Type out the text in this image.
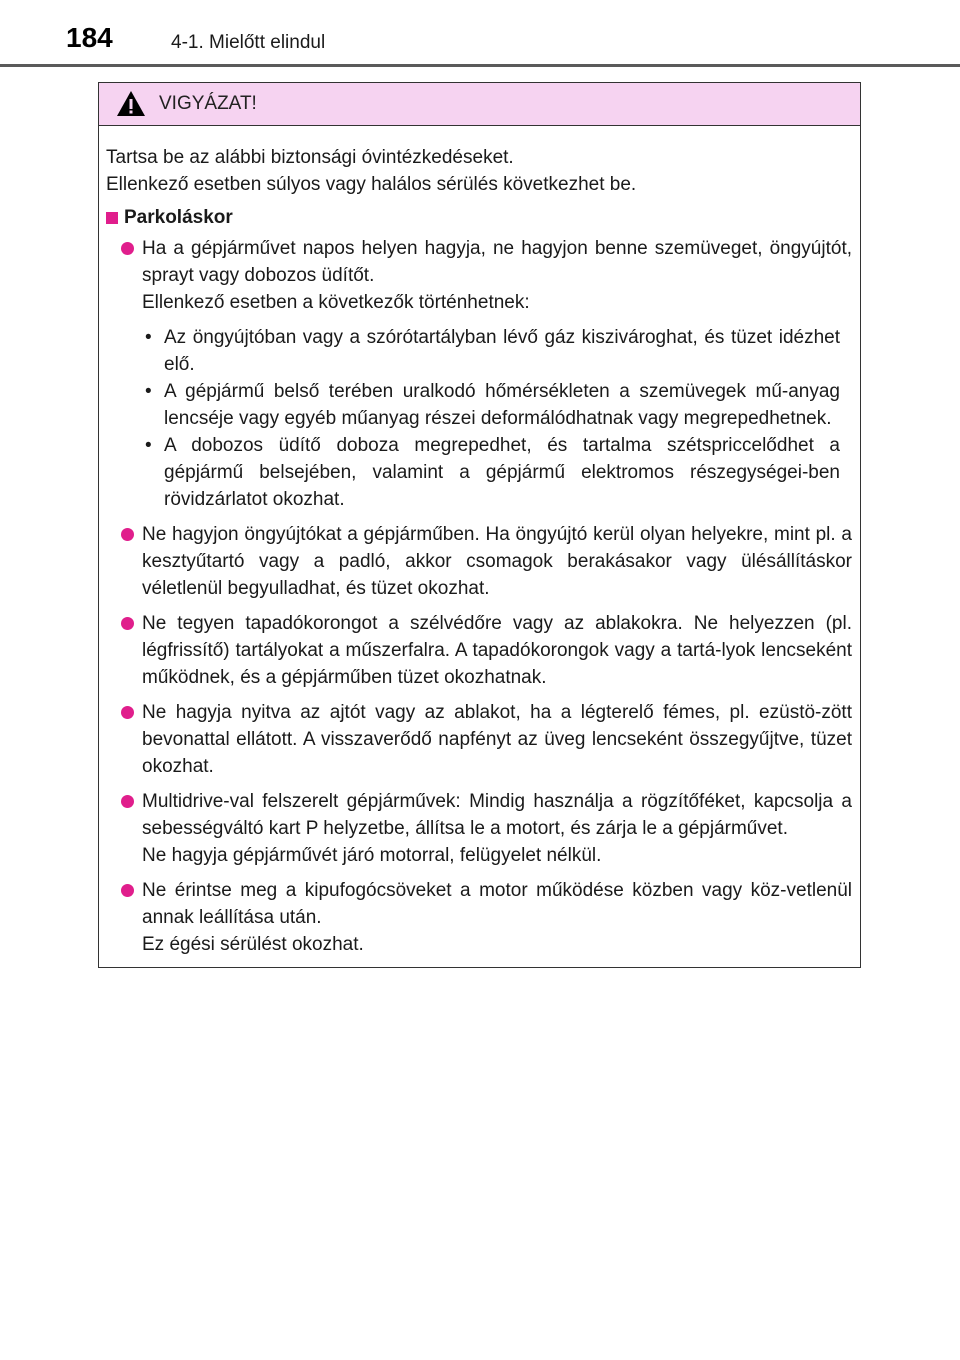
184	4-1. Mielőtt elindul
VIGYÁZAT!
Tartsa be az alábbi biztonsági óvintézkedéseket.
Ellenkező esetben súlyos vagy halálos sérülés következhet be.
Parkoláskor
Ha a gépjárművet napos helyen hagyja, ne hagyjon benne szemüveget, öngyújtót, sprayt vagy dobozos üdítőt.
Ellenkező esetben a következők történhetnek:
• Az öngyújtóban vagy a szórótartályban lévő gáz kiszivároghat, és tüzet idézhet elő.
• A gépjármű belső terében uralkodó hőmérsékleten a szemüvegek mű-anyag lencséje vagy egyéb műanyag részei deformálódhatnak vagy megrepedhetnek.
• A dobozos üdítő doboza megrepedhet, és tartalma szétspriccelődhet a gépjármű belsejében, valamint a gépjármű elektromos részegységei-ben rövidzárlatot okozhat.
Ne hagyjon öngyújtókat a gépjárműben. Ha öngyújtó kerül olyan helyekre, mint pl. a kesztyűtartó vagy a padló, akkor csomagok berakásakor vagy ülésállításkor véletlenül begyulladhat, és tüzet okozhat.
Ne tegyen tapadókorongot a szélvédőre vagy az ablakokra. Ne helyezzen (pl. légfrissítő) tartályokat a műszerfalra. A tapadókorongok vagy a tartá-lyok lencseként működnek, és a gépjárműben tüzet okozhatnak.
Ne hagyja nyitva az ajtót vagy az ablakot, ha a légterelő fémes, pl. ezüstö-zött bevonattal ellátott. A visszaverődő napfényt az üveg lencseként összegyűjtve, tüzet okozhat.
Multidrive-val felszerelt gépjárművek: Mindig használja a rögzítőféket, kapcsolja a sebességváltó kart P helyzetbe, állítsa le a motort, és zárja le a gépjárművet.
Ne hagyja gépjárművét járó motorral, felügyelet nélkül.
Ne érintse meg a kipufogócsöveket a motor működése közben vagy köz-vetlenül annak leállítása után.
Ez égési sérülést okozhat.
